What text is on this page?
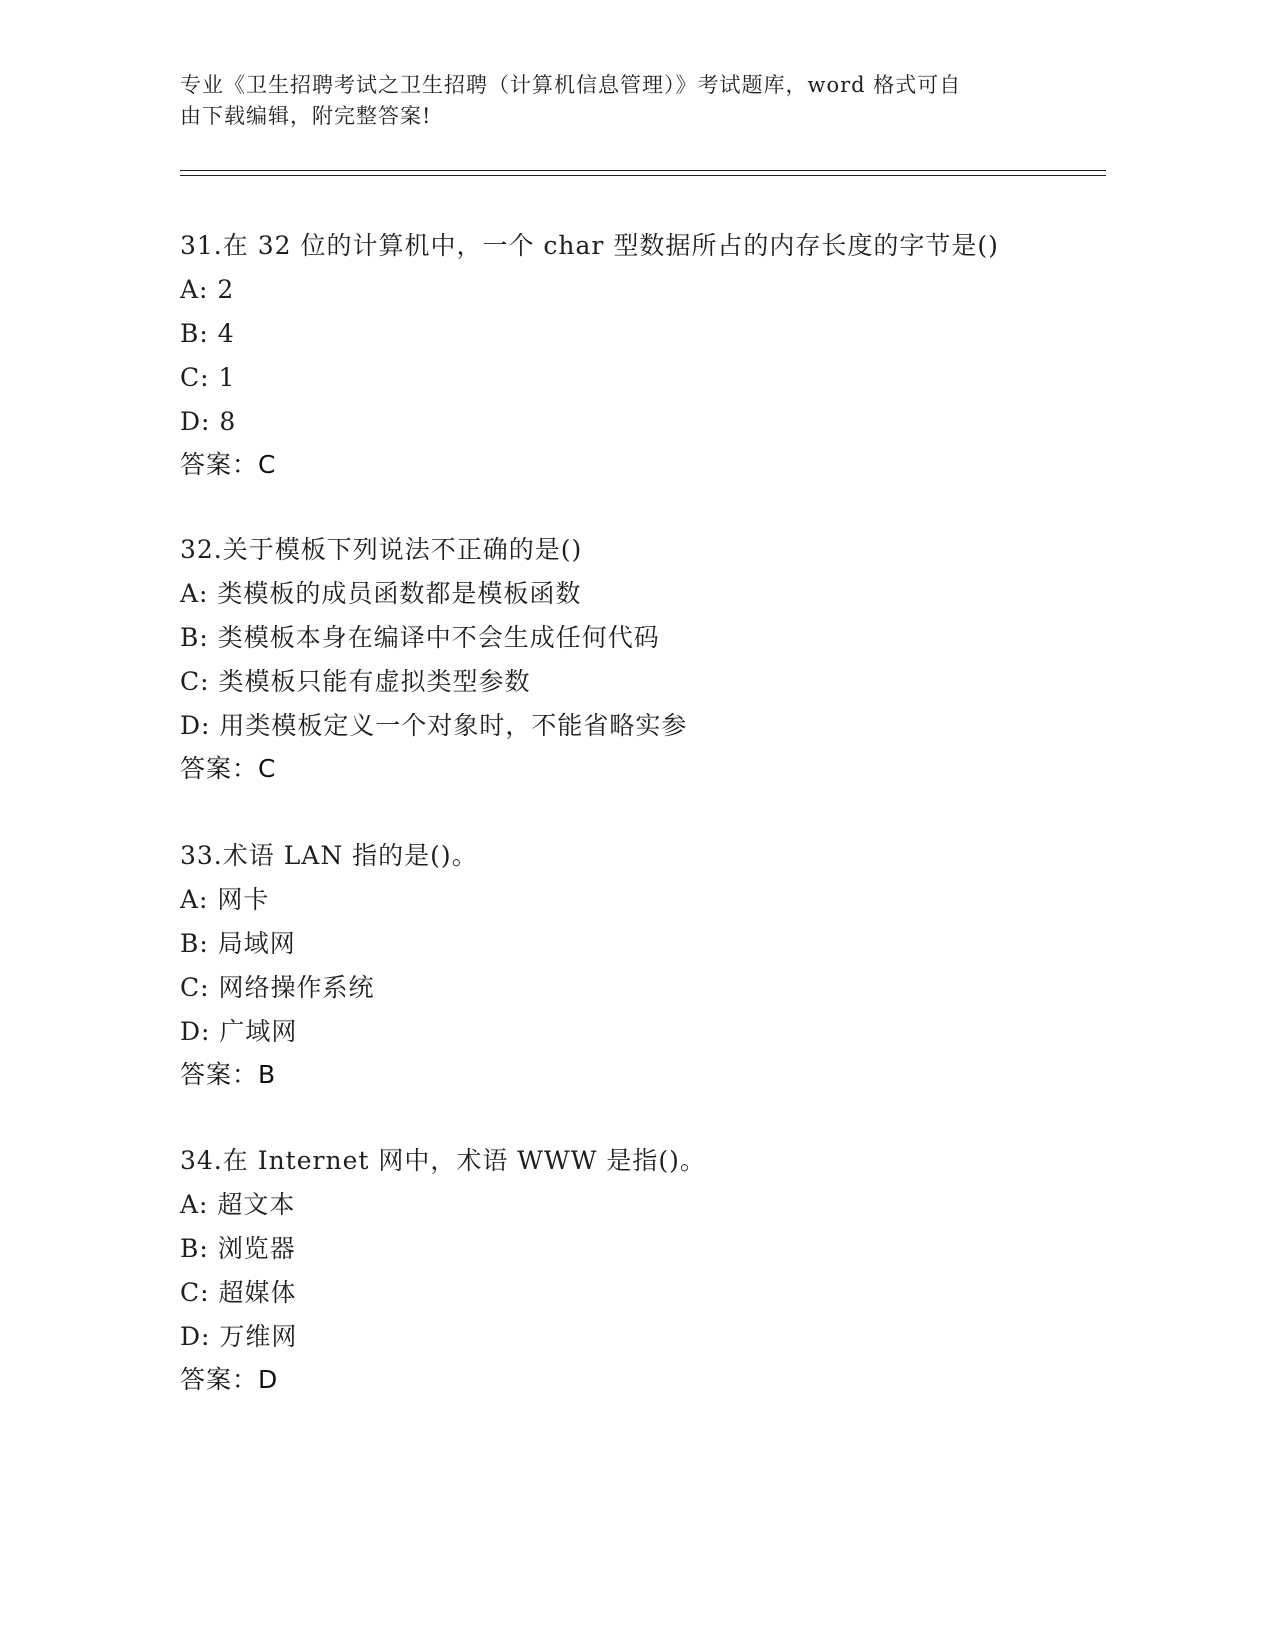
专业《卫生招聘考试之卫生招聘（计算机信息管理）》考试题库，word 格式可自
由下载编辑，附完整答案!
31.在 32 位的计算机中，一个 char 型数据所占的内存长度的字节是()
A: 2
B: 4
C: 1
D: 8
答案：C
32.关于模板下列说法不正确的是()
A: 类模板的成员函数都是模板函数
B: 类模板本身在编译中不会生成任何代码
C: 类模板只能有虚拟类型参数
D: 用类模板定义一个对象时，不能省略实参
答案：C
33.术语 LAN 指的是()。
A: 网卡
B: 局域网
C: 网络操作系统
D: 广域网
答案：B
34.在 Internet 网中，术语 WWW 是指()。
A: 超文本
B: 浏览器
C: 超媒体
D: 万维网
答案：D
